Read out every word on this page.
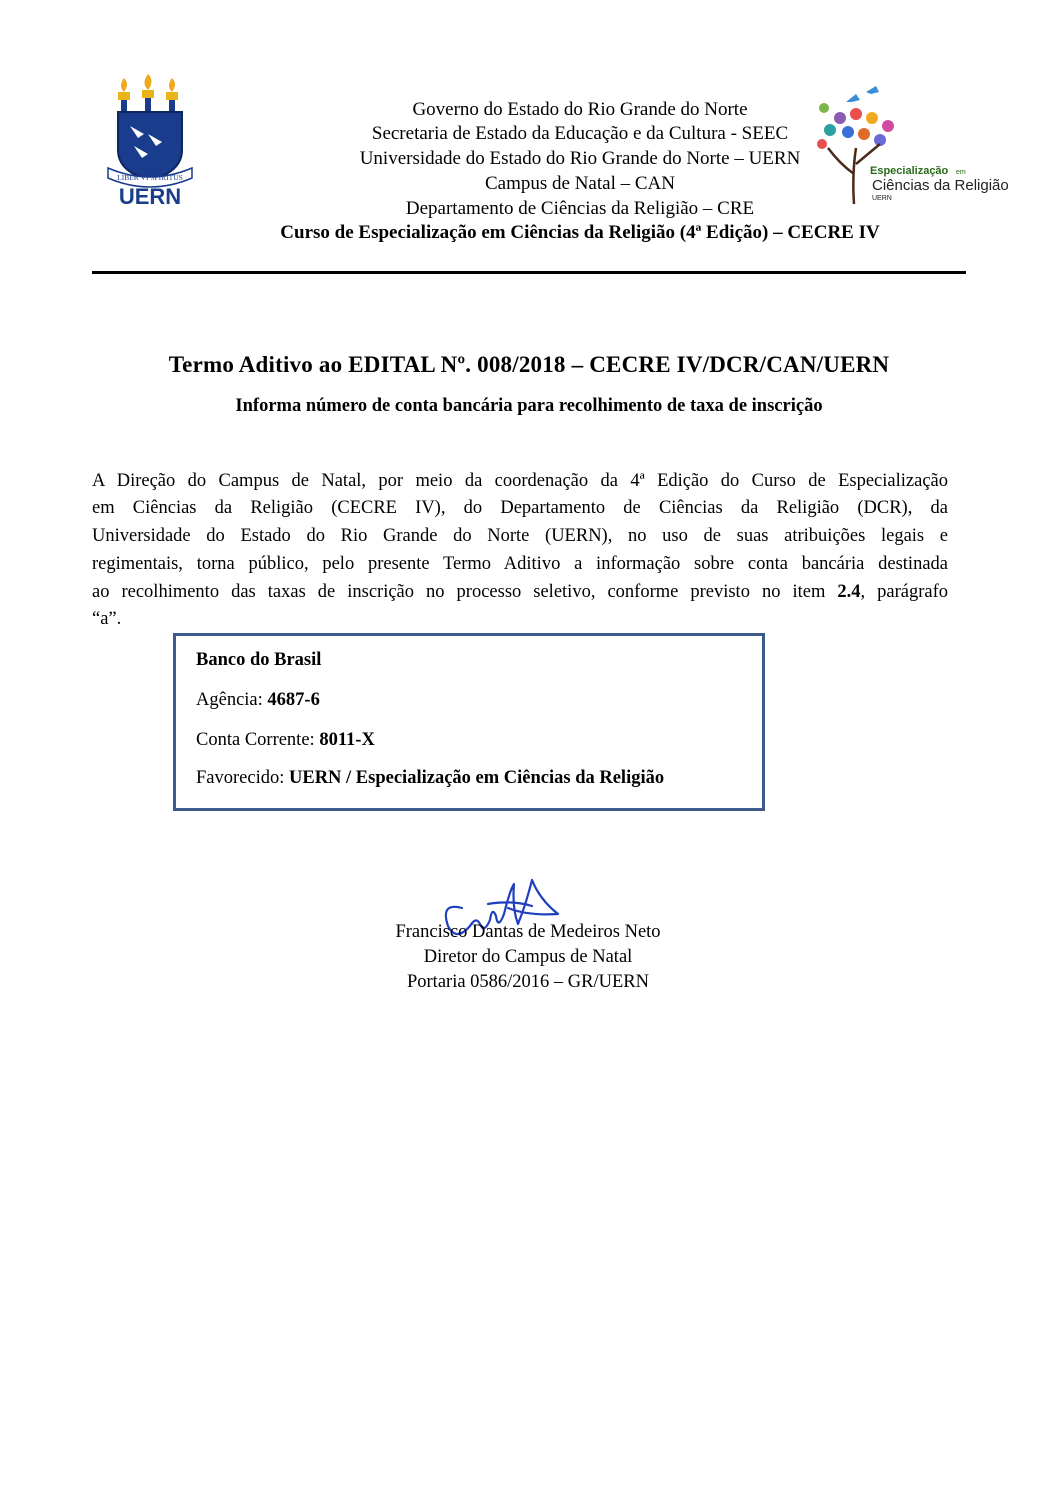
LIBER VI SPIRITUS
UERN
Especialização em
Ciências da Religião
UERN
Governo do Estado do Rio Grande do Norte
Secretaria de Estado da Educação e da Cultura - SEEC
Universidade do Estado do Rio Grande do Norte – UERN
Campus de Natal – CAN
Departamento de Ciências da Religião – CRE
Curso de Especialização em Ciências da Religião (4ª Edição) – CECRE IV
Termo Aditivo ao EDITAL Nº. 008/2018 – CECRE IV/DCR/CAN/UERN
Informa número de conta bancária para recolhimento de taxa de inscrição
A Direção do Campus de Natal, por meio da coordenação da 4ª Edição do Curso de Especialização
em Ciências da Religião (CECRE IV), do Departamento de Ciências da Religião (DCR), da
Universidade do Estado do Rio Grande do Norte (UERN), no uso de suas atribuições legais e
regimentais, torna público, pelo presente Termo Aditivo a informação sobre conta bancária destinada
ao recolhimento das taxas de inscrição no processo seletivo, conforme previsto no item 2.4, parágrafo
“a”.
Banco do Brasil
Agência: 4687-6
Conta Corrente: 8011-X
Favorecido: UERN / Especialização em Ciências da Religião
Francisco Dantas de Medeiros Neto
Diretor do Campus de Natal
Portaria 0586/2016 – GR/UERN
